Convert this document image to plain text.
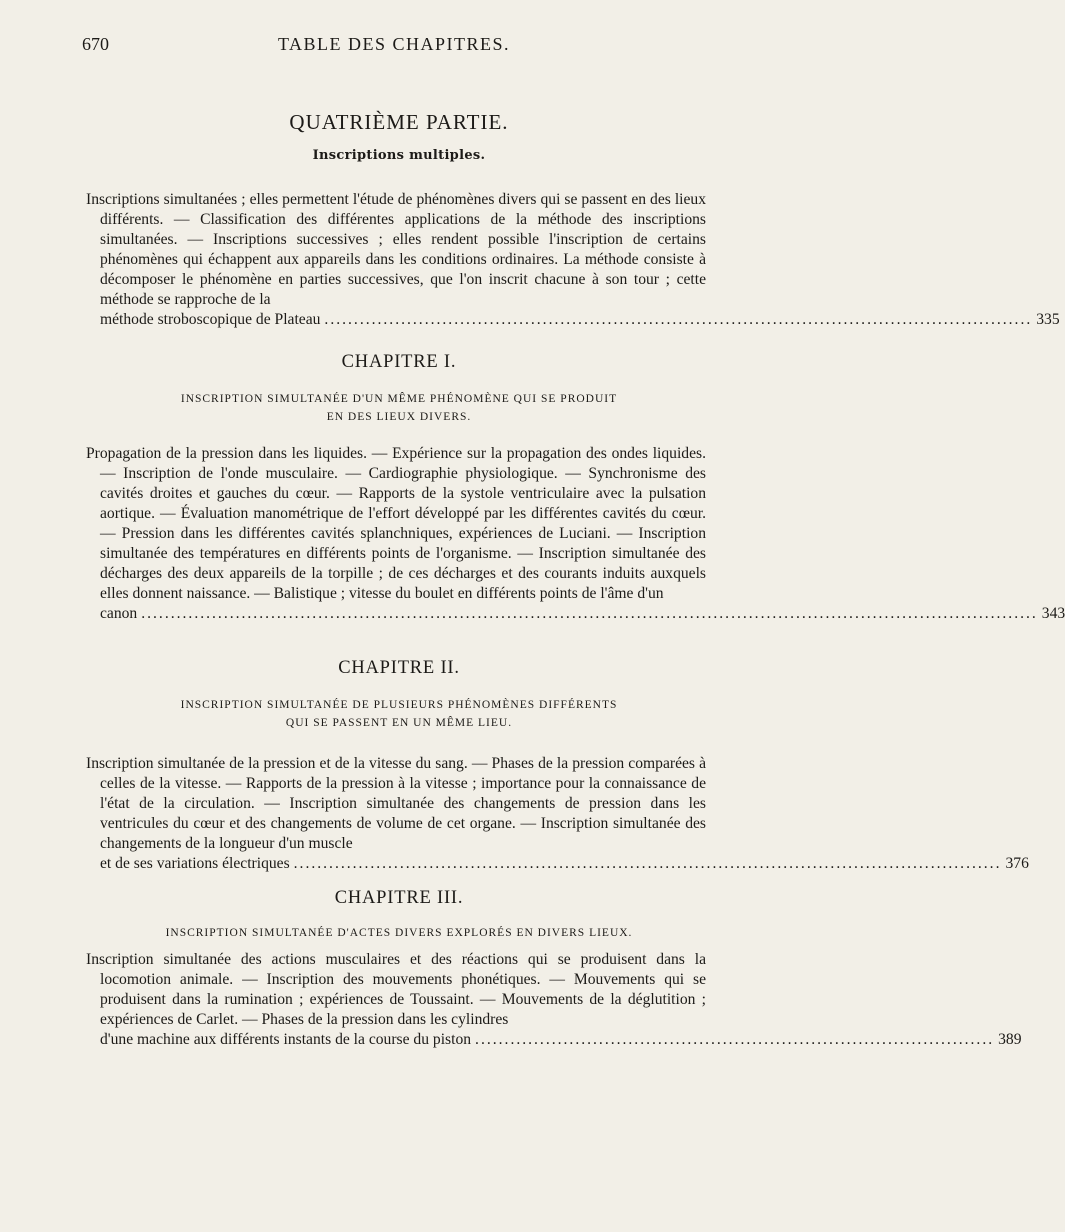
670	TABLE DES CHAPITRES.
QUATRIÈME PARTIE.
Inscriptions multiples.

Inscriptions simultanées ; elles permettent l'étude de phénomènes divers qui se passent en des lieux différents. — Classification des différentes applications de la méthode des inscriptions simultanées. — Inscriptions successives ; elles rendent possible l'inscription de certains phénomènes qui échappent aux appareils dans les conditions ordinaires. La méthode consiste à décomposer le phénomène en parties successives, que l'on inscrit chacune à son tour ; cette méthode se rapproche de la

méthode stroboscopique de Plateau ........................................................................................................................ 335
CHAPITRE I.
INSCRIPTION SIMULTANÉE D'UN MÊME PHÉNOMÈNE QUI SE PRODUIT
EN DES LIEUX DIVERS.

Propagation de la pression dans les liquides. — Expérience sur la propagation des ondes liquides. — Inscription de l'onde musculaire. — Cardiographie physiologique. — Synchronisme des cavités droites et gauches du cœur. — Rapports de la systole ventriculaire avec la pulsation aortique. — Évaluation manométrique de l'effort développé par les différentes cavités du cœur. — Pression dans les différentes cavités splanchniques, expériences de Luciani. — Inscription simultanée des températures en différents points de l'organisme. — Inscription simultanée des décharges des deux appareils de la torpille ; de ces décharges et des courants induits auxquels elles donnent naissance. — Balistique ; vitesse du boulet en différents points de l'âme d'un

canon ........................................................................................................................................................ 343
CHAPITRE II.
INSCRIPTION SIMULTANÉE DE PLUSIEURS PHÉNOMÈNES DIFFÉRENTS
QUI SE PASSENT EN UN MÊME LIEU.

Inscription simultanée de la pression et de la vitesse du sang. — Phases de la pression comparées à celles de la vitesse. — Rapports de la pression à la vitesse ; importance pour la connaissance de l'état de la circulation. — Inscription simultanée des changements de pression dans les ventricules du cœur et des changements de volume de cet organe. — Inscription simultanée des changements de la longueur d'un muscle

et de ses variations électriques ........................................................................................................................ 376
CHAPITRE III.
INSCRIPTION SIMULTANÉE D'ACTES DIVERS EXPLORÉS EN DIVERS LIEUX.

Inscription simultanée des actions musculaires et des réactions qui se produisent dans la locomotion animale. — Inscription des mouvements phonétiques. — Mouvements qui se produisent dans la rumination ; expériences de Toussaint. — Mouvements de la déglutition ; expériences de Carlet. — Phases de la pression dans les cylindres

d'une machine aux différents instants de la course du piston ........................................................................................ 389
